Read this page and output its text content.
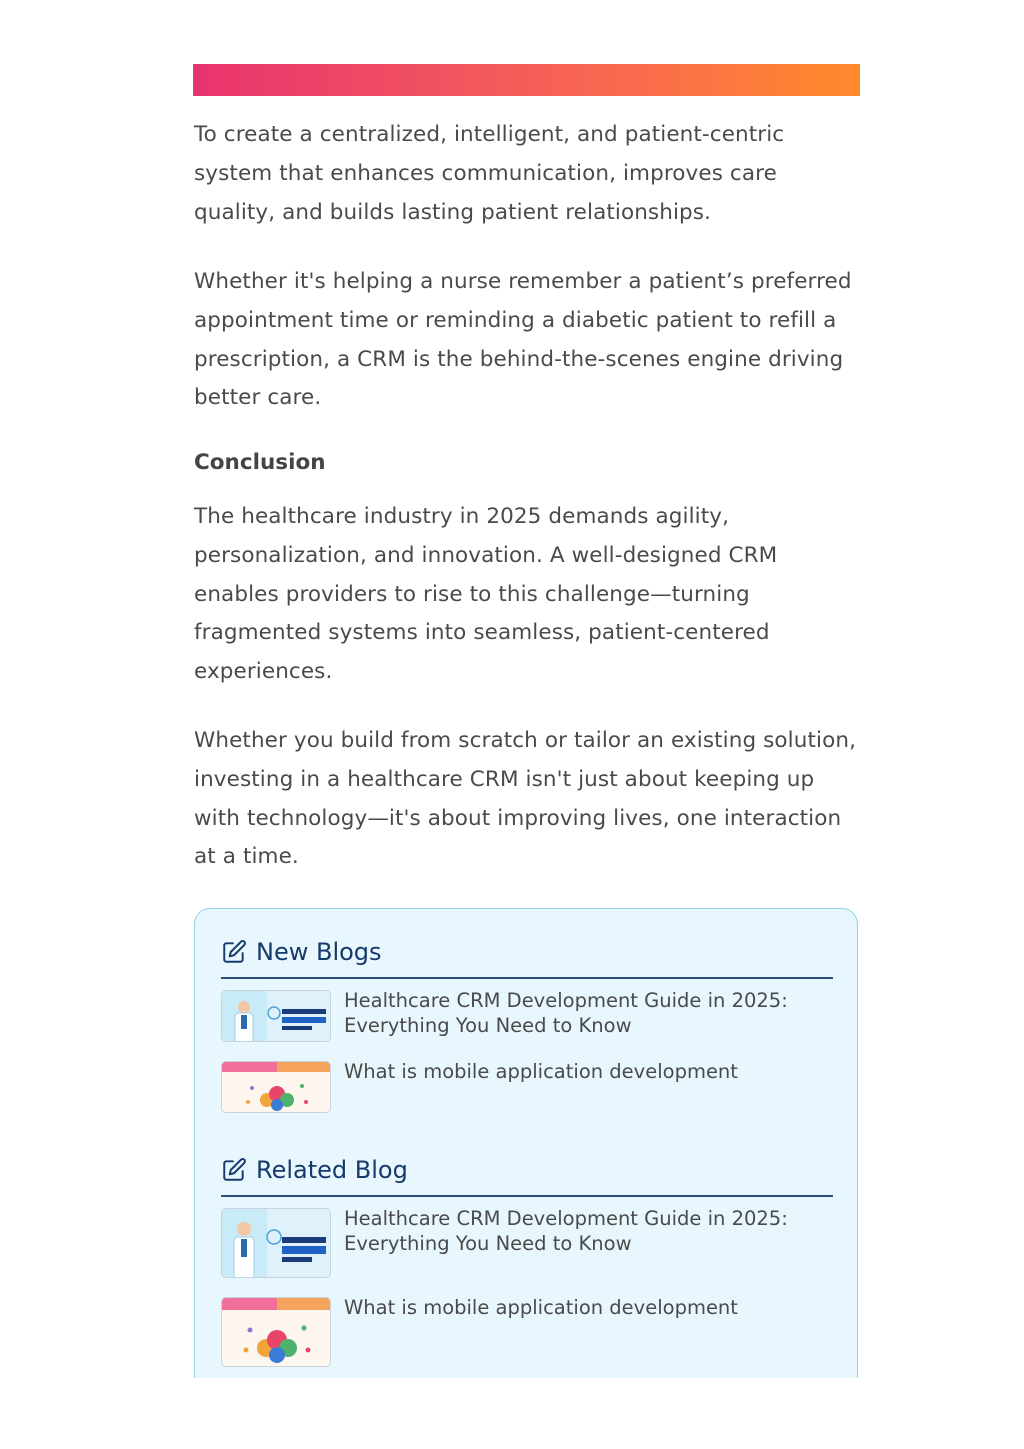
To create a centralized, intelligent, and patient-centric system that enhances communication, improves care quality, and builds lasting patient relationships.

Whether it's helping a nurse remember a patient’s preferred appointment time or reminding a diabetic patient to refill a prescription, a CRM is the behind-the-scenes engine driving better care.

Conclusion

The healthcare industry in 2025 demands agility, personalization, and innovation. A well-designed CRM enables providers to rise to this challenge—turning fragmented systems into seamless, patient-centered experiences.

Whether you build from scratch or tailor an existing solution, investing in a healthcare CRM isn't just about keeping up with technology—it's about improving lives, one interaction at a time.

New Blogs
Healthcare CRM Development Guide in 2025: Everything You Need to Know
What is mobile application development
Related Blog
Healthcare CRM Development Guide in 2025: Everything You Need to Know
What is mobile application development
